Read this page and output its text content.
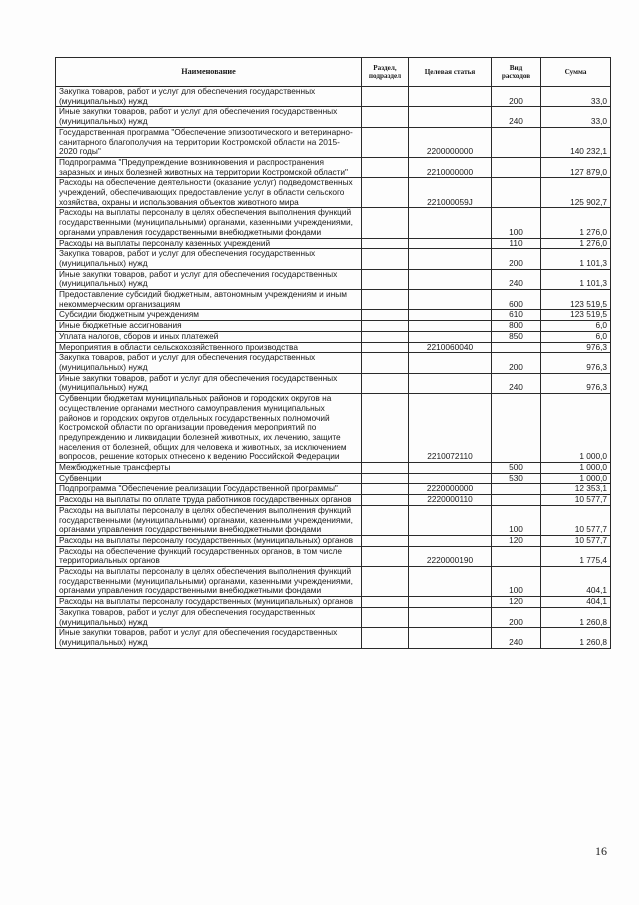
Наименование	Раздел, подраздел	Целевая статья	Вид расходов	Сумма
Закупка товаров, работ и услуг для обеспечения государственных (муниципальных) нужд			200	33,0
Иные закупки товаров, работ и услуг для обеспечения государственных (муниципальных) нужд			240	33,0
Государственная программа "Обеспечение эпизоотического и ветеринарно-санитарного благополучия на территории Костромской области на 2015-2020 годы"		2200000000		140 232,1
Подпрограмма "Предупреждение возникновения и распространения заразных и иных болезней животных на территории Костромской области"		2210000000		127 879,0
Расходы на обеспечение деятельности (оказание услуг) подведомственных учреждений, обеспечивающих предоставление услуг в области сельского хозяйства, охраны и использования объектов животного мира		221000059J		125 902,7
Расходы на выплаты персоналу в целях обеспечения выполнения функций государственными (муниципальными) органами, казенными учреждениями, органами управления государственными внебюджетными фондами			100	1 276,0
Расходы на выплаты персоналу казенных учреждений			110	1 276,0
Закупка товаров, работ и услуг для обеспечения государственных (муниципальных) нужд			200	1 101,3
Иные закупки товаров, работ и услуг для обеспечения государственных (муниципальных) нужд			240	1 101,3
Предоставление субсидий бюджетным, автономным учреждениям и иным некоммерческим организациям			600	123 519,5
Субсидии бюджетным учреждениям			610	123 519,5
Иные бюджетные ассигнования			800	6,0
Уплата налогов, сборов и иных платежей			850	6,0
Мероприятия в области сельскохозяйственного производства		2210060040		976,3
Закупка товаров, работ и услуг для обеспечения государственных (муниципальных) нужд			200	976,3
Иные закупки товаров, работ и услуг для обеспечения государственных (муниципальных) нужд			240	976,3
Субвенции бюджетам муниципальных районов и городских округов на осуществление органами местного самоуправления муниципальных районов и городских округов отдельных государственных полномочий Костромской области по организации проведения мероприятий по предупреждению и ликвидации болезней животных, их лечению, защите населения от болезней, общих для человека и животных, за исключением вопросов, решение которых отнесено к ведению Российской Федерации		2210072110		1 000,0
Межбюджетные трансферты			500	1 000,0
Субвенции			530	1 000,0
Подпрограмма "Обеспечение реализации Государственной программы"		2220000000		12 353,1
Расходы на выплаты по оплате труда работников государственных органов		2220000110		10 577,7
Расходы на выплаты персоналу в целях обеспечения выполнения функций государственными (муниципальными) органами, казенными учреждениями, органами управления государственными внебюджетными фондами			100	10 577,7
Расходы на выплаты персоналу государственных (муниципальных) органов			120	10 577,7
Расходы на обеспечение функций государственных органов, в том числе территориальных органов		2220000190		1 775,4
Расходы на выплаты персоналу в целях обеспечения выполнения функций государственными (муниципальными) органами, казенными учреждениями, органами управления государственными внебюджетными фондами			100	404,1
Расходы на выплаты персоналу государственных (муниципальных) органов			120	404,1
Закупка товаров, работ и услуг для обеспечения государственных (муниципальных) нужд			200	1 260,8
Иные закупки товаров, работ и услуг для обеспечения государственных (муниципальных) нужд			240	1 260,8
16
